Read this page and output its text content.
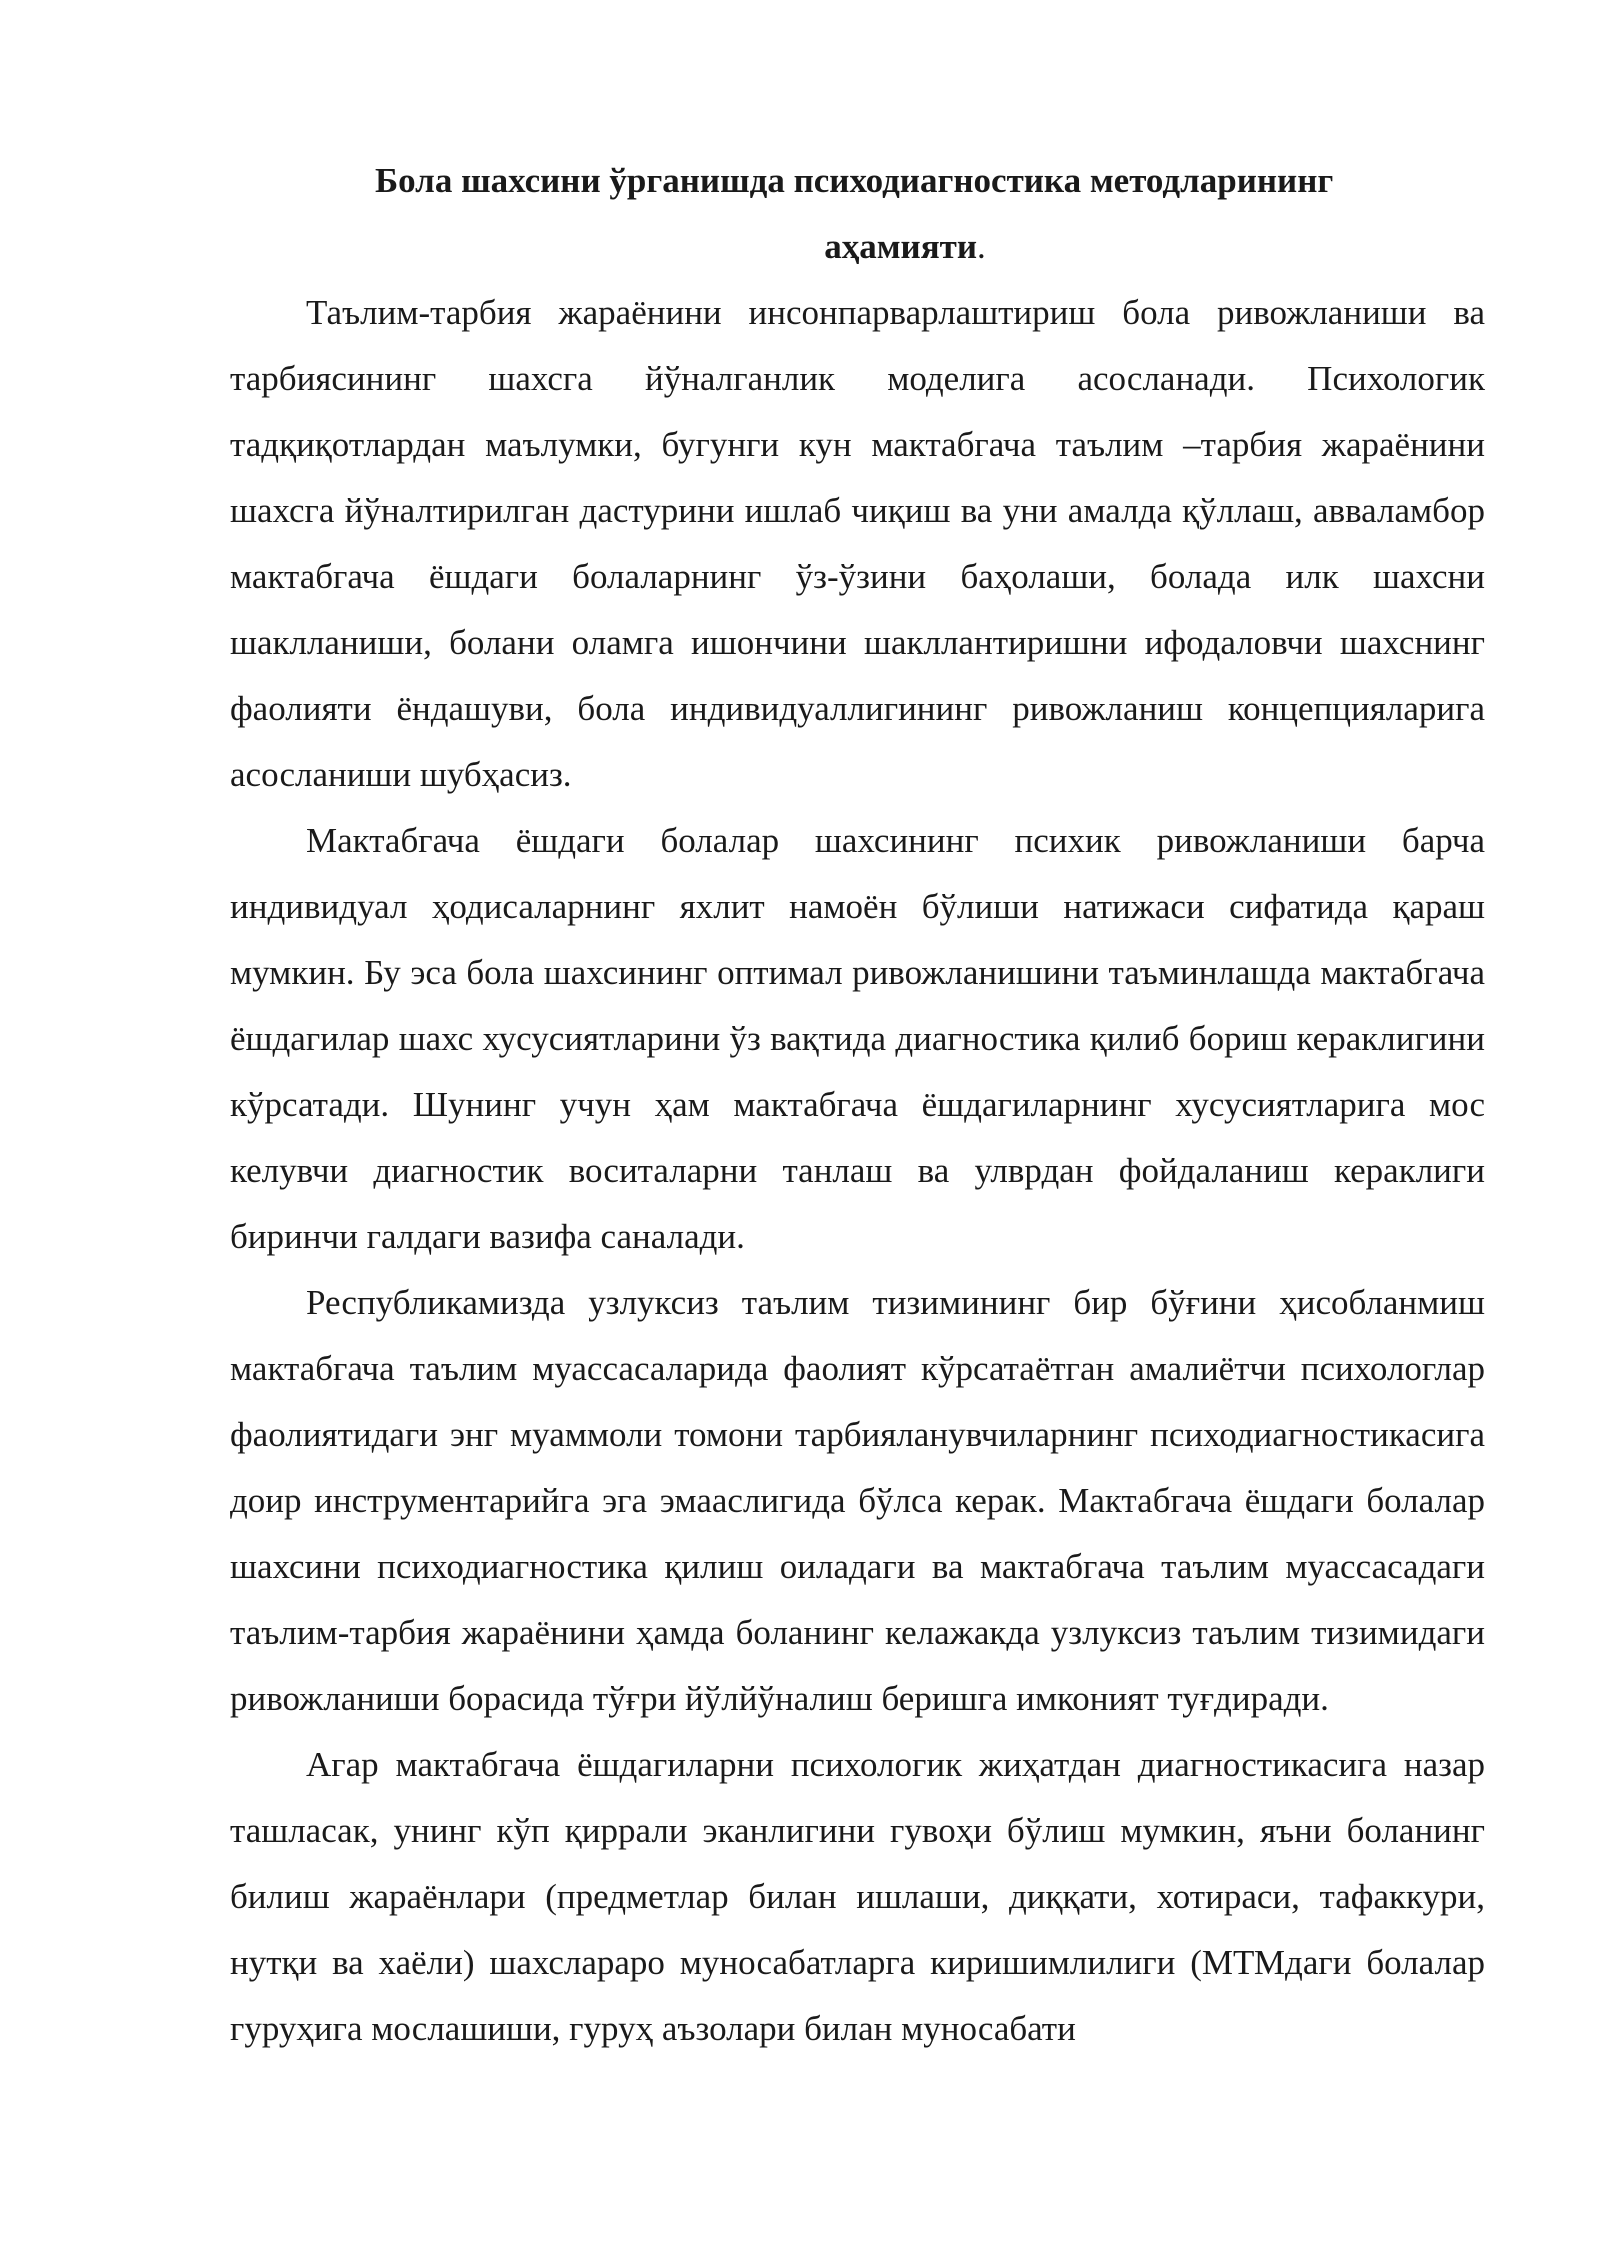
Бола шахсини ўрганишда психодиагностика методларининг
аҳамияти.

Таълим-тарбия жараёнини инсонпарварлаштириш бола ривожланиши ва тарбиясининг шахсга йўналганлик моделига асосланади. Психологик тадқиқотлардан маълумки, бугунги кун мактабгача таълим –тарбия жараёнини шахсга йўналтирилган дастурини ишлаб чиқиш ва уни амалда қўллаш, авваламбор мактабгача ёшдаги болаларнинг ўз-ўзини баҳолаши, болада илк шахсни шаклланиши, болани оламга ишончини шакллантиришни ифодаловчи шахснинг фаолияти ёндашуви, бола индивидуаллигининг ривожланиш концепцияларига асосланиши шубҳасиз.

Мактабгача ёшдаги болалар шахсининг психик ривожланиши барча индивидуал ҳодисаларнинг яхлит намоён бўлиши натижаси сифатида қараш мумкин. Бу эса бола шахсининг оптимал ривожланишини таъминлашда мактабгача ёшдагилар шахс хусусиятларини ўз вақтида диагностика қилиб бориш кераклигини кўрсатади. Шунинг учун ҳам мактабгача ёшдагиларнинг хусусиятларига мос келувчи диагностик воситаларни танлаш ва улврдан фойдаланиш кераклиги биринчи галдаги вазифа саналади.

Республикамизда узлуксиз таълим тизимининг бир бўғини ҳисобланмиш мактабгача таълим муассасаларида фаолият кўрсатаётган амалиётчи психологлар фаолиятидаги энг муаммоли томони тарбияланувчиларнинг психодиагностикасига доир инструментарийга эга эмааслигида бўлса керак. Мактабгача ёшдаги болалар шахсини психодиагностика қилиш оиладаги ва мактабгача таълим муассасадаги таълим-тарбия жараёнини ҳамда боланинг келажакда узлуксиз таълим тизимидаги ривожланиши борасида тўғри йўлйўналиш беришга имконият туғдиради.

Агар мактабгача ёшдагиларни психологик жиҳатдан диагностикасига назар ташласак, унинг кўп қиррали эканлигини гувоҳи бўлиш мумкин, яъни боланинг билиш жараёнлари (предметлар билан ишлаши, диққати, хотираси, тафаккури, нутқи ва хаёли) шахслараро муносабатларга киришимлилиги (МТМдаги болалар гуруҳига мослашиши, гуруҳ аъзолари билан муносабати
